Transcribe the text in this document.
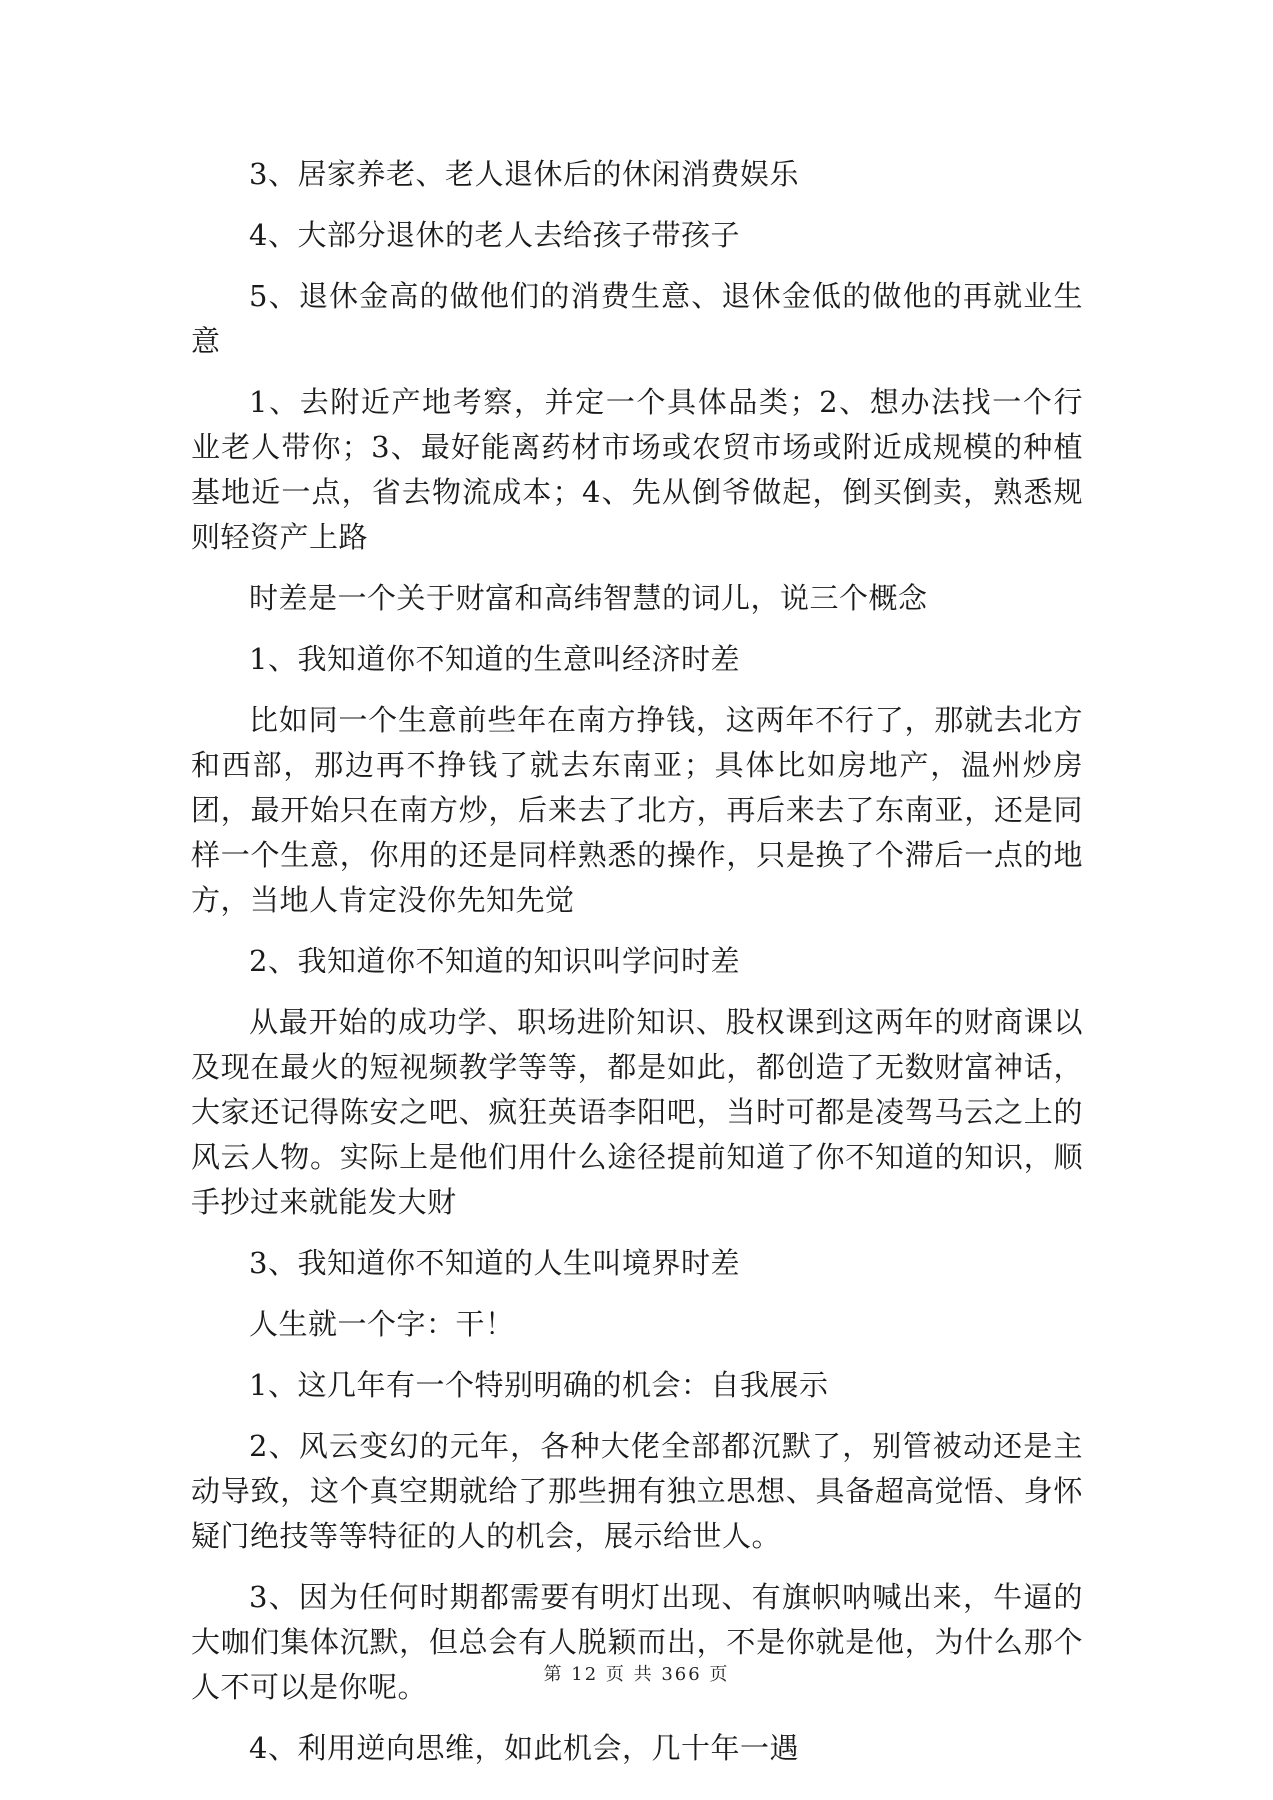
3、居家养老、老人退休后的休闲消费娱乐

4、大部分退休的老人去给孩子带孩子

5、退休金高的做他们的消费生意、退休金低的做他的再就业生意

1、去附近产地考察，并定一个具体品类；2、想办法找一个行业老人带你；3、最好能离药材市场或农贸市场或附近成规模的种植基地近一点，省去物流成本；4、先从倒爷做起，倒买倒卖，熟悉规则轻资产上路

时差是一个关于财富和高纬智慧的词儿，说三个概念

1、我知道你不知道的生意叫经济时差

比如同一个生意前些年在南方挣钱，这两年不行了，那就去北方和西部，那边再不挣钱了就去东南亚；具体比如房地产，温州炒房团，最开始只在南方炒，后来去了北方，再后来去了东南亚，还是同样一个生意，你用的还是同样熟悉的操作，只是换了个滞后一点的地方，当地人肯定没你先知先觉

2、我知道你不知道的知识叫学问时差

从最开始的成功学、职场进阶知识、股权课到这两年的财商课以及现在最火的短视频教学等等，都是如此，都创造了无数财富神话，大家还记得陈安之吧、疯狂英语李阳吧，当时可都是凌驾马云之上的风云人物。实际上是他们用什么途径提前知道了你不知道的知识，顺手抄过来就能发大财

3、我知道你不知道的人生叫境界时差

人生就一个字：干！

1、这几年有一个特别明确的机会：自我展示

2、风云变幻的元年，各种大佬全部都沉默了，别管被动还是主动导致，这个真空期就给了那些拥有独立思想、具备超高觉悟、身怀疑门绝技等等特征的人的机会，展示给世人。

3、因为任何时期都需要有明灯出现、有旗帜呐喊出来，牛逼的大咖们集体沉默，但总会有人脱颖而出，不是你就是他，为什么那个人不可以是你呢。

4、利用逆向思维，如此机会，几十年一遇

第 12 页 共 366 页
